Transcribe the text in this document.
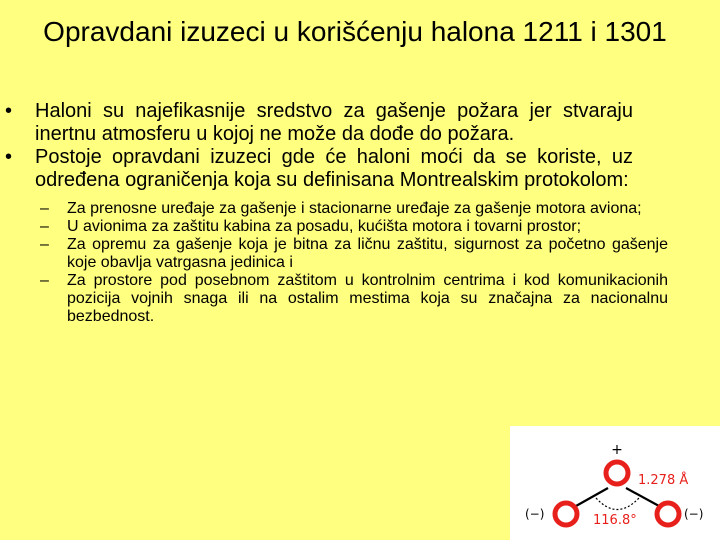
Opravdani izuzeci u korišćenju halona 1211 i 1301
• Haloni su najefikasnije sredstvo za gašenje požara jer stvaraju inertnu atmosferu u kojoj ne može da dođe do požara.
• Postoje opravdani izuzeci gde će haloni moći da se koriste, uz određena ograničenja koja su definisana Montrealskim protokolom:
– Za prenosne uređaje za gašenje i stacionarne uređaje za gašenje motora aviona;
– U avionima za zaštitu kabina za posadu, kućišta motora i tovarni prostor;
– Za opremu za gašenje koja je bitna za ličnu zaštitu, sigurnost za početno gašenje koje obavlja vatrgasna jedinica i
– Za prostore pod posebnom zaštitom u kontrolnim centrima i kod komunikacionih pozicija vojnih snaga ili na ostalim mestima koja su značajna za nacionalnu bezbednost.
+
1.278 Å
116.8°
(−)	(−)
